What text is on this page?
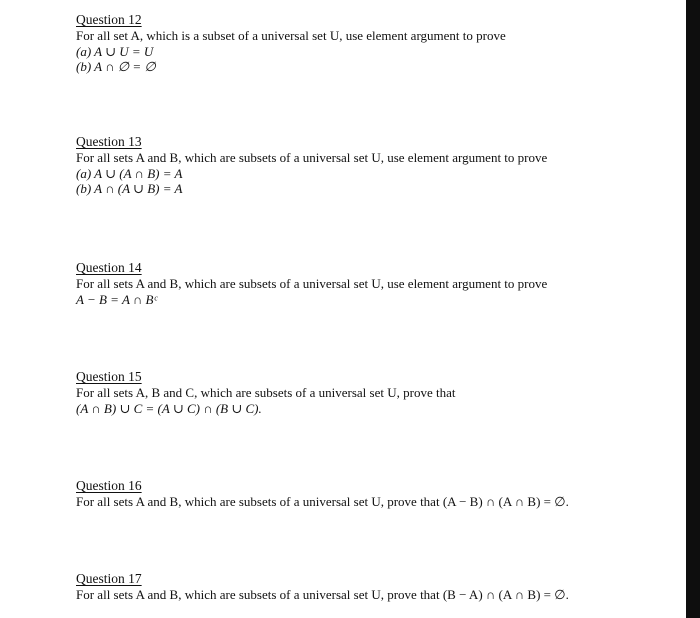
Question 12
For all set A, which is a subset of a universal set U, use element argument to prove
(a) A ∪ U = U
(b) A ∩ ∅ = ∅
Question 13
For all sets A and B, which are subsets of a universal set U, use element argument to prove
(a) A ∪ (A ∩ B) = A
(b) A ∩ (A ∪ B) = A
Question 14
For all sets A and B, which are subsets of a universal set U, use element argument to prove
A − B = A ∩ Bᶜ
Question 15
For all sets A, B and C, which are subsets of a universal set U, prove that
(A ∩ B) ∪ C = (A ∪ C) ∩ (B ∪ C).
Question 16
For all sets A and B, which are subsets of a universal set U, prove that (A − B) ∩ (A ∩ B) = ∅.
Question 17
For all sets A and B, which are subsets of a universal set U, prove that (B − A) ∩ (A ∩ B) = ∅.
